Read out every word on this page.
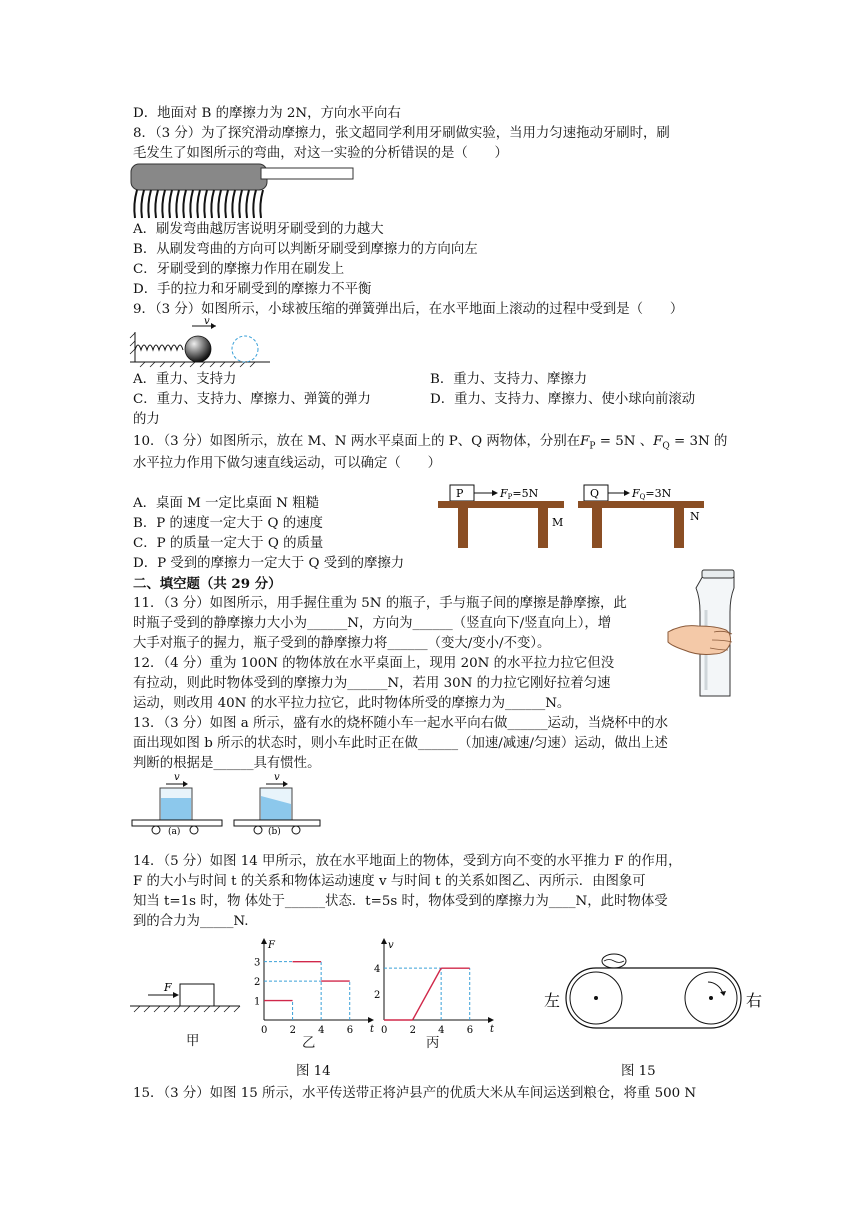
D．地面对 B 的摩擦力为 2N，方向水平向右
8．（3 分）为了探究滑动摩擦力，张文超同学利用牙刷做实验，当用力匀速拖动牙刷时，刷
毛发生了如图所示的弯曲，对这一实验的分析错误的是（　　）
A．刷发弯曲越厉害说明牙刷受到的力越大
B．从刷发弯曲的方向可以判断牙刷受到摩擦力的方向向左
C．牙刷受到的摩擦力作用在刷发上
D．手的拉力和牙刷受到的摩擦力不平衡
9．（3 分）如图所示，小球被压缩的弹簧弹出后，在水平地面上滚动的过程中受到是（　　）
v
A．重力、支持力	B．重力、支持力、摩擦力
C．重力、支持力、摩擦力、弹簧的弹力	D．重力、支持力、摩擦力、使小球向前滚动
的力
10．（3 分）如图所示，放在 M、N 两水平桌面上的 P、Q 两物体，分别在$F_P = 5N$ 、$F_Q = 3N$ 的
水平拉力作用下做匀速直线运动，可以确定（　　）
A．桌面 M 一定比桌面 N 粗糙
B．P 的速度一定大于 Q 的速度
C．P 的质量一定大于 Q 的质量
D．P 受到的摩擦力一定大于 Q 受到的摩擦力
P	FP=5N
M
Q	FQ=3N
N
二、填空题（共 29 分）
11．（3 分）如图所示，用手握住重为 5N 的瓶子，手与瓶子间的摩擦是静摩擦，此
时瓶子受到的静摩擦力大小为______N，方向为______（竖直向下/竖直向上），增
大手对瓶子的握力，瓶子受到的静摩擦力将______（变大/变小/不变）。
12．（4 分）重为 100N 的物体放在水平桌面上，现用 20N 的水平拉力拉它但没
有拉动，则此时物体受到的摩擦力为______N，若用 30N 的力拉它刚好拉着匀速
运动，则改用 40N 的水平拉力拉它，此时物体所受的摩擦力为______N。
13．（3 分）如图 a 所示，盛有水的烧杯随小车一起水平向右做______运动，当烧杯中的水
面出现如图 b 所示的状态时，则小车此时正在做______（加速/减速/匀速）运动，做出上述
判断的根据是______具有惯性。
v
(a)
v
(b)
14．（5 分）如图 14 甲所示，放在水平地面上的物体，受到方向不变的水平推力 F 的作用，
F 的大小与时间 t 的关系和物体运动速度 v 与时间 t 的关系如图乙、丙所示．由图象可
知当 t=1s 时，物 体处于______状态．t=5s 时，物体受到的摩擦力为____N，此时物体受
到的合力为_____N.
F
甲
t
F
0 2 4 6
1
2
3
乙
t
v
0 2 4 6
2
4
丙
左	右
图 14	图 15
15．（3 分）如图 15 所示，水平传送带正将泸县产的优质大米从车间运送到粮仓，将重 500 N
